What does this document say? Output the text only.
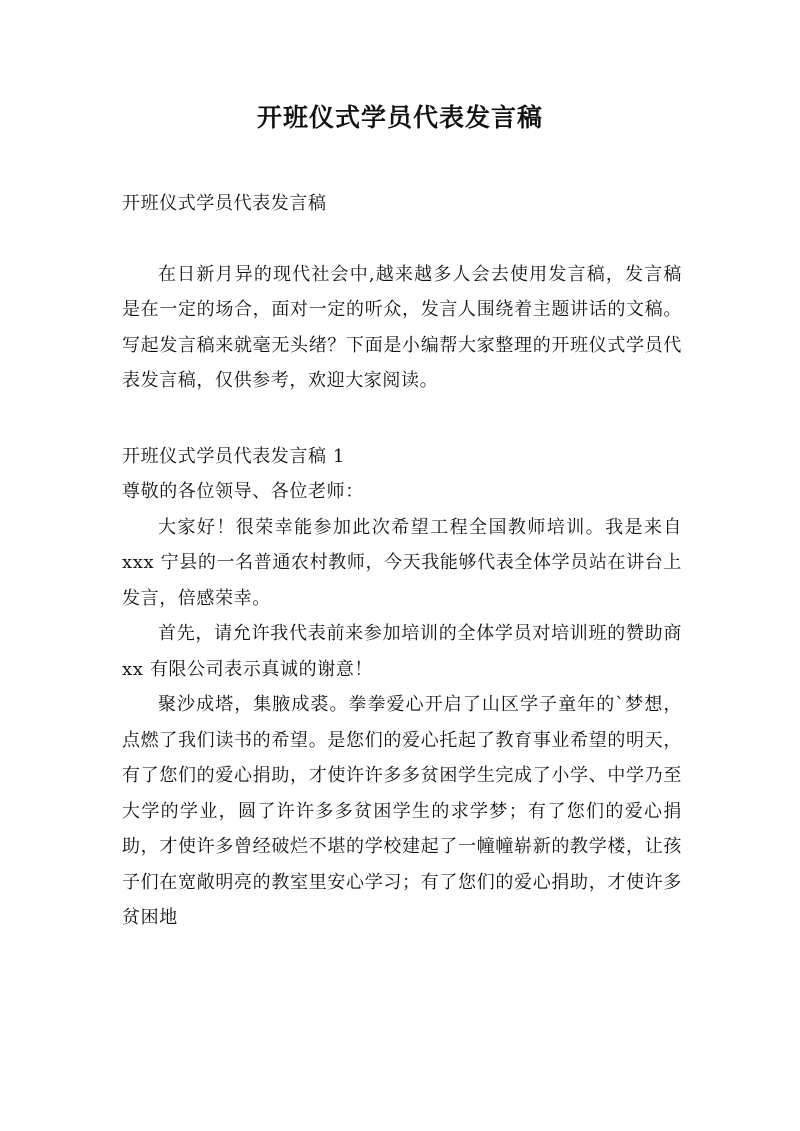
开班仪式学员代表发言稿

开班仪式学员代表发言稿

在日新月异的现代社会中,越来越多人会去使用发言稿，发言稿是在一定的场合，面对一定的听众，发言人围绕着主题讲话的文稿。写起发言稿来就毫无头绪？下面是小编帮大家整理的开班仪式学员代表发言稿，仅供参考，欢迎大家阅读。

开班仪式学员代表发言稿 1

尊敬的各位领导、各位老师：

大家好！很荣幸能参加此次希望工程全国教师培训。我是来自 xxx 宁县的一名普通农村教师，今天我能够代表全体学员站在讲台上发言，倍感荣幸。

首先，请允许我代表前来参加培训的全体学员对培训班的赞助商 xx 有限公司表示真诚的谢意！

聚沙成塔，集腋成裘。拳拳爱心开启了山区学子童年的`梦想，点燃了我们读书的希望。是您们的爱心托起了教育事业希望的明天，有了您们的爱心捐助，才使许许多多贫困学生完成了小学、中学乃至大学的学业，圆了许许多多贫困学生的求学梦；有了您们的爱心捐助，才使许多曾经破烂不堪的学校建起了一幢幢崭新的教学楼，让孩子们在宽敞明亮的教室里安心学习；有了您们的爱心捐助，才使许多贫困地
